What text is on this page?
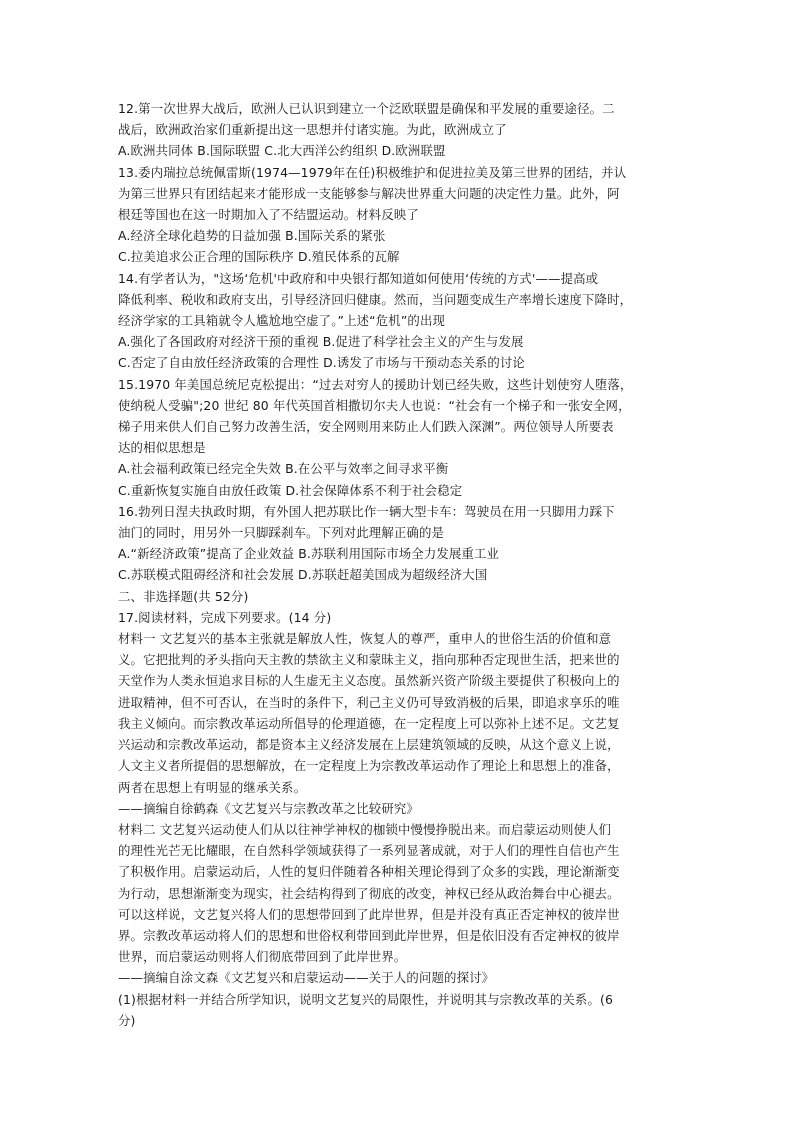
12.第一次世界大战后，欧洲人已认识到建立一个泛欧联盟是确保和平发展的重要途径。二
战后，欧洲政治家们重新提出这一思想并付诸实施。为此，欧洲成立了
A.欧洲共同体 B.国际联盟 C.北大西洋公约组织 D.欧洲联盟
13.委内瑞拉总统佩雷斯(1974—1979年在任)积极维护和促进拉美及第三世界的团结，并认
为第三世界只有团结起来才能形成一支能够参与解决世界重大问题的决定性力量。此外，阿
根廷等国也在这一时期加入了不结盟运动。材料反映了
A.经济全球化趋势的日益加强 B.国际关系的紧张
C.拉美追求公正合理的国际秩序 D.殖民体系的瓦解
14.有学者认为，"这场‘危机'中政府和中央银行都知道如何使用‘传统的方式'——提高或
降低利率、税收和政府支出，引导经济回归健康。然而，当问题变成生产率增长速度下降时，
经济学家的工具箱就令人尴尬地空虚了。”上述“危机”的出现
A.强化了各国政府对经济干预的重视 B.促进了科学社会主义的产生与发展
C.否定了自由放任经济政策的合理性 D.诱发了市场与干预动态关系的讨论
15.1970 年美国总统尼克松提出：“过去对穷人的援助计划已经失败，这些计划使穷人堕落，
使纳税人受骗";20 世纪 80 年代英国首相撒切尔夫人也说：“社会有一个梯子和一张安全网，
梯子用来供人们自己努力改善生活，安全网则用来防止人们跌入深渊”。两位领导人所要表
达的相似思想是
A.社会福利政策已经完全失效 B.在公平与效率之间寻求平衡
C.重新恢复实施自由放任政策 D.社会保障体系不利于社会稳定
16.勃列日涅夫执政时期，有外国人把苏联比作一辆大型卡车：驾驶员在用一只脚用力踩下
油门的同时，用另外一只脚踩刹车。下列对此理解正确的是
A.“新经济政策”提高了企业效益 B.苏联利用国际市场全力发展重工业
C.苏联模式阻碍经济和社会发展 D.苏联赶超美国成为超级经济大国
二、非选择题(共 52分)
17.阅读材料，完成下列要求。(14 分)
材料一 文艺复兴的基本主张就是解放人性，恢复人的尊严，重申人的世俗生活的价值和意
义。它把批判的矛头指向天主教的禁欲主义和蒙昧主义，指向那种否定现世生活，把来世的
天堂作为人类永恒追求目标的人生虚无主义态度。虽然新兴资产阶级主要提供了积极向上的
进取精神，但不可否认，在当时的条件下，利己主义仍可导致消极的后果，即追求享乐的唯
我主义倾向。而宗教改革运动所倡导的伦理道德，在一定程度上可以弥补上述不足。文艺复
兴运动和宗教改革运动，都是资本主义经济发展在上层建筑领域的反映，从这个意义上说，
人文主义者所提倡的思想解放，在一定程度上为宗教改革运动作了理论上和思想上的准备，
两者在思想上有明显的继承关系。
——摘编自徐鹤森《文艺复兴与宗教改革之比较研究》
材料二 文艺复兴运动使人们从以往神学神权的枷锁中慢慢挣脱出来。而启蒙运动则使人们
的理性光芒无比耀眼，在自然科学领域获得了一系列显著成就，对于人们的理性自信也产生
了积极作用。启蒙运动后，人性的复归伴随着各种相关理论得到了众多的实践，理论渐渐变
为行动，思想渐渐变为现实，社会结构得到了彻底的改变，神权已经从政治舞台中心褪去。
可以这样说，文艺复兴将人们的思想带回到了此岸世界，但是并没有真正否定神权的彼岸世
界。宗教改革运动将人们的思想和世俗权利带回到此岸世界，但是依旧没有否定神权的彼岸
世界，而启蒙运动则将人们彻底带回到了此岸世界。
——摘编自涂文森《文艺复兴和启蒙运动——关于人的问题的探讨》
(1)根据材料一并结合所学知识，说明文艺复兴的局限性，并说明其与宗教改革的关系。(6
分)
